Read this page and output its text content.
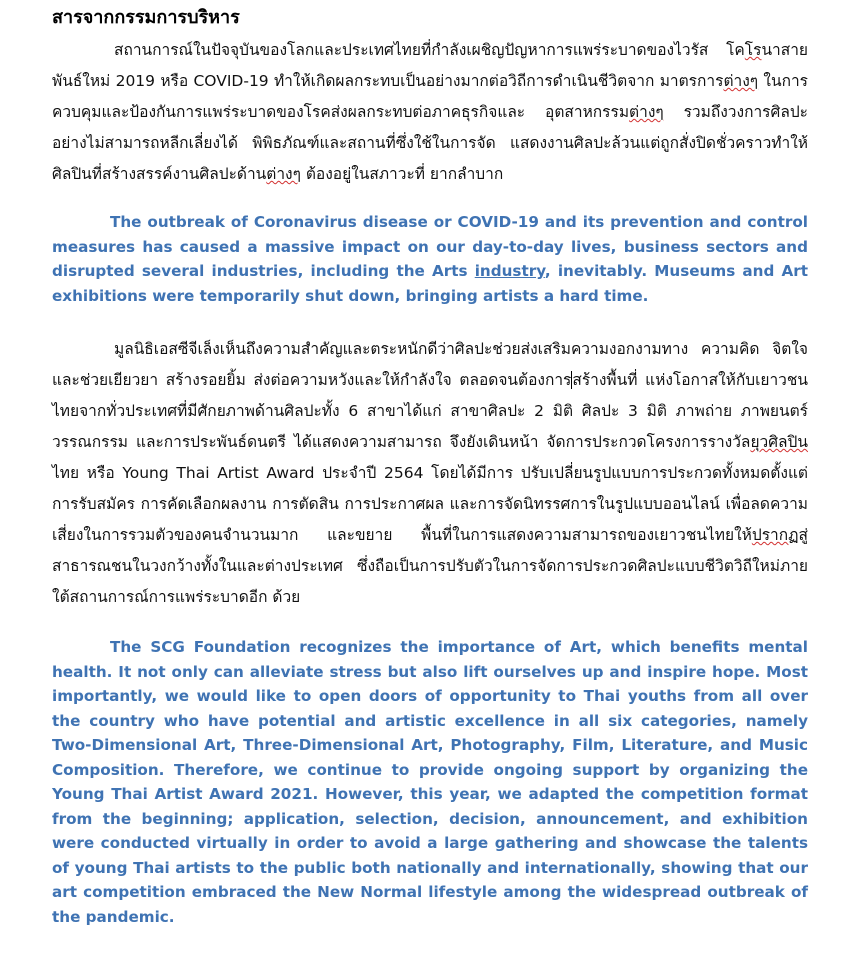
สารจากกรรมการบริหาร

สถานการณ์ในปัจจุบันของโลกและประเทศไทยที่กำลังเผชิญปัญหาการแพร่ระบาดของไวรัส โคโรนาสายพันธ์ใหม่ 2019 หรือ COVID-19 ทำให้เกิดผลกระทบเป็นอย่างมากต่อวิถีการดำเนินชีวิตจาก มาตรการต่างๆ ในการควบคุมและป้องกันการแพร่ระบาดของโรคส่งผลกระทบต่อภาคธุรกิจและ อุตสาหกรรมต่างๆ รวมถึงวงการศิลปะอย่างไม่สามารถหลีกเลี่ยงได้ พิพิธภัณฑ์และสถานที่ซึ่งใช้ในการจัด แสดงงานศิลปะล้วนแต่ถูกสั่งปิดชั่วคราวทำให้ศิลปินที่สร้างสรรค์งานศิลปะด้านต่างๆ ต้องอยู่ในสภาวะที่ ยากลำบาก

The outbreak of Coronavirus disease or COVID-19 and its prevention and control measures has caused a massive impact on our day-to-day lives, business sectors and disrupted several industries, including the Arts industry, inevitably. Museums and Art exhibitions were temporarily shut down, bringing artists a hard time.

มูลนิธิเอสซีจีเล็งเห็นถึงความสำคัญและตระหนักดีว่าศิลปะช่วยส่งเสริมความงอกงามทาง ความคิด จิตใจ และช่วยเยียวยา สร้างรอยยิ้ม ส่งต่อความหวังและให้กำลังใจ ตลอดจนต้องการสร้างพื้นที่ แห่งโอกาสให้กับเยาวชนไทยจากทั่วประเทศที่มีศักยภาพด้านศิลปะทั้ง 6 สาขาได้แก่ สาขาศิลปะ 2 มิติ ศิลปะ 3 มิติ ภาพถ่าย ภาพยนตร์ วรรณกรรม และการประพันธ์ดนตรี ได้แสดงความสามารถ จึงยังเดินหน้า จัดการประกวดโครงการรางวัลยุวศิลปินไทย หรือ Young Thai Artist Award ประจำปี 2564 โดยได้มีการ ปรับเปลี่ยนรูปแบบการประกวดทั้งหมดตั้งแต่การรับสมัคร การคัดเลือกผลงาน การตัดสิน การประกาศผล และการจัดนิทรรศการในรูปแบบออนไลน์ เพื่อลดความเสี่ยงในการรวมตัวของคนจำนวนมาก และขยาย พื้นที่ในการแสดงความสามารถของเยาวชนไทยให้ปรากฏสู่สาธารณชนในวงกว้างทั้งในและต่างประเทศ ซึ่งถือเป็นการปรับตัวในการจัดการประกวดศิลปะแบบชีวิตวิถีใหม่ภายใต้สถานการณ์การแพร่ระบาดอีก ด้วย

The SCG Foundation recognizes the importance of Art, which benefits mental health. It not only can alleviate stress but also lift ourselves up and inspire hope. Most importantly, we would like to open doors of opportunity to Thai youths from all over the country who have potential and artistic excellence in all six categories, namely Two-Dimensional Art, Three-Dimensional Art, Photography, Film, Literature, and Music Composition. Therefore, we continue to provide ongoing support by organizing the Young Thai Artist Award 2021. However, this year, we adapted the competition format from the beginning; application, selection, decision, announcement, and exhibition were conducted virtually in order to avoid a large gathering and showcase the talents of young Thai artists to the public both nationally and internationally, showing that our art competition embraced the New Normal lifestyle among the widespread outbreak of the pandemic.
